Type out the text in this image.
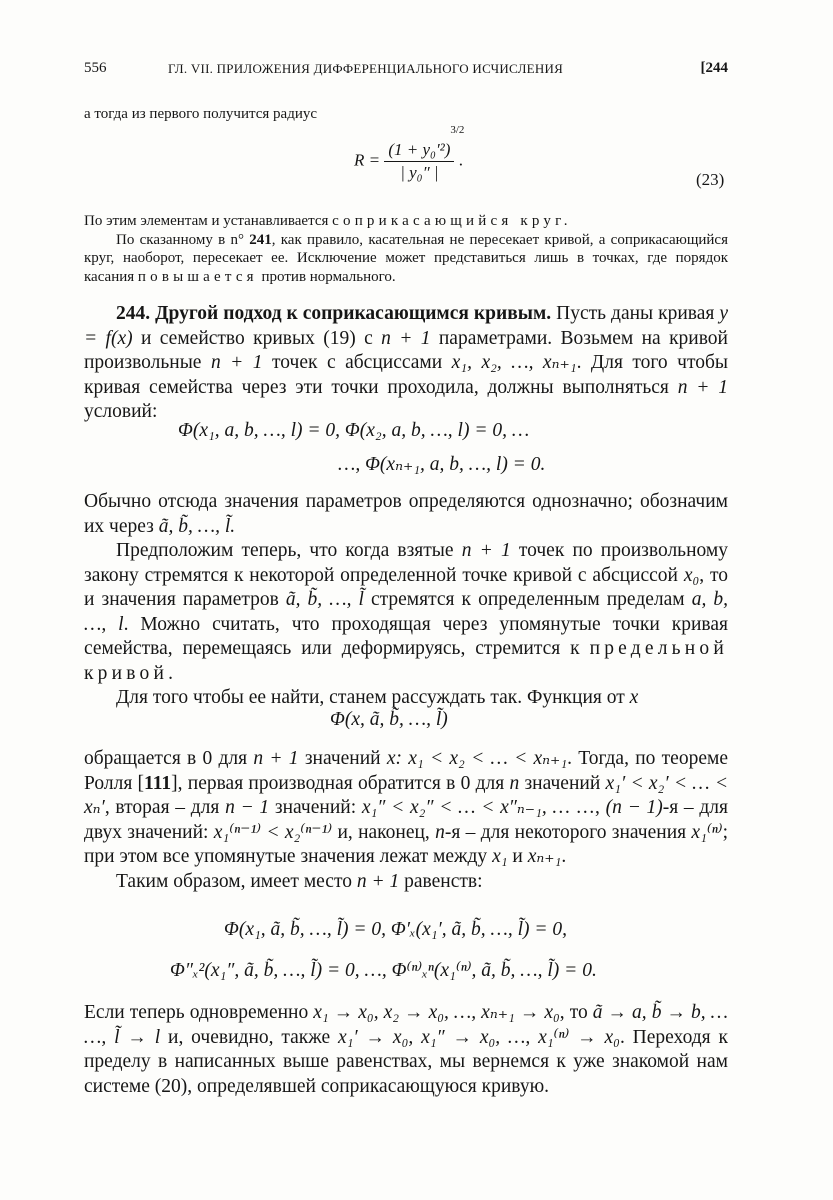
556	ГЛ. VII. ПРИЛОЖЕНИЯ ДИФФЕРЕНЦИАЛЬНОГО ИСЧИСЛЕНИЯ	[244
а тогда из первого получится радиус
R = (1 + y₀′²)
3/2
| y₀″ | .
(23)

По этим элементам и устанавливается соприкасающийся круг.

По сказанному в n° 241, как правило, касательная не пересекает кривой, а соприкасающийся круг, наоборот, пересекает ее. Исключение может представиться лишь в точках, где порядок касания повышается против нормального.

244. Другой подход к соприкасающимся кривым. Пусть даны кривая y = f(x) и семейство кривых (19) с n + 1 параметрами. Возьмем на кривой произвольные n + 1 точек с абсциссами x₁, x₂, …, xₙ₊₁. Для того чтобы кривая семейства через эти точки проходила, должны выполняться n + 1 условий:

Φ(x₁, a, b, …, l) = 0, Φ(x₂, a, b, …, l) = 0, …
…, Φ(xₙ₊₁, a, b, …, l) = 0.

Обычно отсюда значения параметров определяются однозначно; обозначим их через ã, b̃, …, l̃.

Предположим теперь, что когда взятые n + 1 точек по произвольному закону стремятся к некоторой определенной точке кривой с абсциссой x₀, то и значения параметров ã, b̃, …, l̃ стремятся к определенным пределам a, b, …, l. Можно считать, что проходящая через упомянутые точки кривая семейства, перемещаясь или деформируясь, стремится к предельной кривой.

Для того чтобы ее найти, станем рассуждать так. Функция от x

Φ(x, ã, b̃, …, l̃)

обращается в 0 для n + 1 значений x: x₁ < x₂ < … < xₙ₊₁. Тогда, по теореме Ролля [111], первая производная обратится в 0 для n значений x₁′ < x₂′ < … < xₙ′, вторая – для n − 1 значений: x₁″ < x₂″ < … < x″ₙ₋₁, … …, (n − 1)-я – для двух значений: x₁⁽ⁿ⁻¹⁾ < x₂⁽ⁿ⁻¹⁾ и, наконец, n-я – для некоторого значения x₁⁽ⁿ⁾; при этом все упомянутые значения лежат между x₁ и xₙ₊₁.

Таким образом, имеет место n + 1 равенств:

Φ(x₁, ã, b̃, …, l̃) = 0, Φ′ₓ(x₁′, ã, b̃, …, l̃) = 0,
Φ″ₓ²(x₁″, ã, b̃, …, l̃) = 0, …, Φ⁽ⁿ⁾ₓⁿ(x₁⁽ⁿ⁾, ã, b̃, …, l̃) = 0.

Если теперь одновременно x₁ → x₀, x₂ → x₀, …, xₙ₊₁ → x₀, то ã → a, b̃ → b, … …, l̃ → l и, очевидно, также x₁′ → x₀, x₁″ → x₀, …, x₁⁽ⁿ⁾ → x₀. Переходя к пределу в написанных выше равенствах, мы вернемся к уже знакомой нам системе (20), определявшей соприкасающуюся кривую.
